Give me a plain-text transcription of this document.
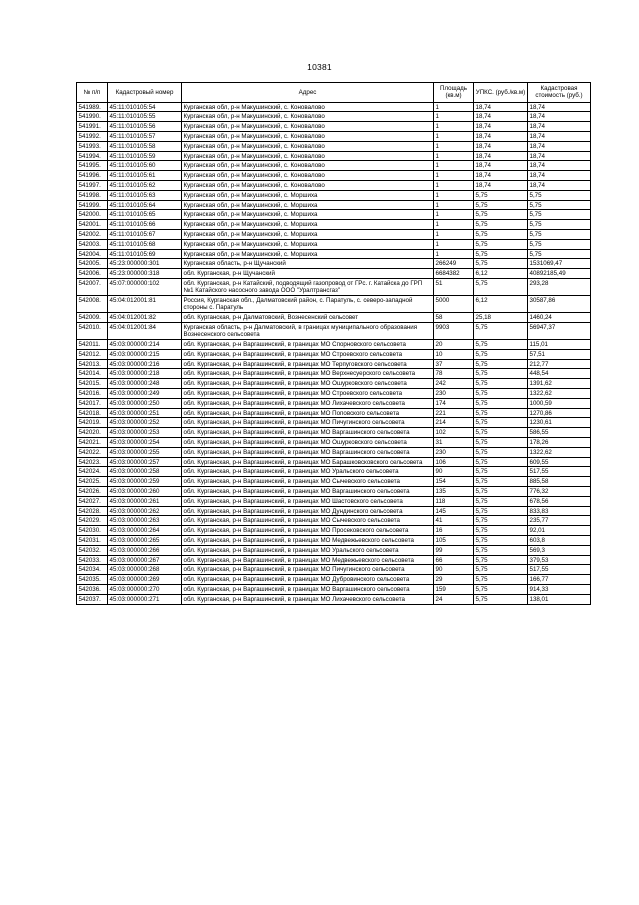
10381
№ п/п	Кадастровый номер	Адрес	Площадь (кв.м)	УПКС. (руб./кв.м)	Кадастровая стоимость (руб.)
541989.	45:11:010105:54	Курганская обл, р-н Макушинский, с. Коновалово	1	18,74	18,74
541990.	45:11:010105:55	Курганская обл, р-н Макушинский, с. Коновалово	1	18,74	18,74
541991.	45:11:010105:56	Курганская обл, р-н Макушинский, с. Коновалово	1	18,74	18,74
541992.	45:11:010105:57	Курганская обл, р-н Макушинский, с. Коновалово	1	18,74	18,74
541993.	45:11:010105:58	Курганская обл, р-н Макушинский, с. Коновалово	1	18,74	18,74
541994.	45:11:010105:59	Курганская обл, р-н Макушинский, с. Коновалово	1	18,74	18,74
541995.	45:11:010105:60	Курганская обл, р-н Макушинский, с. Коновалово	1	18,74	18,74
541996.	45:11:010105:61	Курганская обл, р-н Макушинский, с. Коновалово	1	18,74	18,74
541997.	45:11:010105:62	Курганская обл, р-н Макушинский, с. Коновалово	1	18,74	18,74
541998.	45:11:010105:63	Курганская обл, р-н Макушинский, с. Моршиха	1	5,75	5,75
541999.	45:11:010105:64	Курганская обл, р-н Макушинский, с. Моршиха	1	5,75	5,75
542000.	45:11:010105:65	Курганская обл, р-н Макушинский, с. Моршиха	1	5,75	5,75
542001.	45:11:010105:66	Курганская обл, р-н Макушинский, с. Моршиха	1	5,75	5,75
542002.	45:11:010105:67	Курганская обл, р-н Макушинский, с. Моршиха	1	5,75	5,75
542003.	45:11:010105:68	Курганская обл, р-н Макушинский, с. Моршиха	1	5,75	5,75
542004.	45:11:010105:69	Курганская обл, р-н Макушинский, с. Моршиха	1	5,75	5,75
542005.	45:23:000000:301	Курганская область, р-н Щучанский	266249	5,75	1531069,47
542006.	45:23:000000:318	обл. Курганская, р-н Щучанский	6684382	6,12	40892185,49
542007.	45:07:000000:102	обл. Курганская, р-н Катайский, подводящий газопровод от ГРс. г. Катайска до ГРП №1 Катайского насосного завода ООО "Уралтрансгаз"	51	5,75	293,28
542008.	45:04:012001:81	Россия, Курганская обл., Далматовский район, с. Паратуль, с. северо-западной стороны с. Паратуль	5000	6,12	30587,86
542009.	45:04:012001:82	обл. Курганская, р-н Далматовский, Вознесенский сельсовет	58	25,18	1460,24
542010.	45:04:012001:84	Курганская область, р-н Далматовский, в границах муниципального образования Вознесенского сельсовета	9903	5,75	56947,37
542011.	45:03:000000:214	обл. Курганская, р-н Варгашинский, в границах МО Спорновского сельсовета	20	5,75	115,01
542012.	45:03:000000:215	обл. Курганская, р-н Варгашинский, в границах МО Строевского сельсовета	10	5,75	57,51
542013.	45:03:000000:216	обл. Курганская, р-н Варгашинский, в границах МО Терпуговского сельсовета	37	5,75	212,77
542014.	45:03:000000:218	обл. Курганская, р-н Варгашинский, в границах МО Верхнесуерского сельсовета	78	5,75	448,54
542015.	45:03:000000:248	обл. Курганская, р-н Варгашинский, в границах МО Ошурковского сельсовета	242	5,75	1391,62
542016.	45:03:000000:249	обл. Курганская, р-н Варгашинский, в границах МО Строевского сельсовета	230	5,75	1322,62
542017.	45:03:000000:250	обл. Курганская, р-н Варгашинский, в границах МО Лихачевского сельсовета	174	5,75	1000,59
542018.	45:03:000000:251	обл. Курганская, р-н Варгашинский, в границах МО Поповского сельсовета	221	5,75	1270,86
542019.	45:03:000000:252	обл. Курганская, р-н Варгашинский, в границах МО Пичугинского сельсовета	214	5,75	1230,61
542020.	45:03:000000:253	обл. Курганская, р-н Варгашинский, в границах МО Варгашинского сельсовета	102	5,75	586,55
542021.	45:03:000000:254	обл. Курганская, р-н Варгашинский, в границах МО Ошурковского сельсовета	31	5,75	178,26
542022.	45:03:000000:255	обл. Курганская, р-н Варгашинский, в границах МО Варгашинского сельсовета	230	5,75	1322,62
542023.	45:03:000000:257	обл. Курганская, р-н Варгашинский, в границах МО Барашковсковского сельсовета	106	5,75	609,55
542024.	45:03:000000:258	обл. Курганская, р-н Варгашинский, в границах МО Уральского сельсовета	90	5,75	517,55
542025.	45:03:000000:259	обл. Курганская, р-н Варгашинский, в границах МО Сычевского сельсовета	154	5,75	885,58
542026.	45:03:000000:260	обл. Курганская, р-н Варгашинский, в границах МО Варгашинского сельсовета	135	5,75	776,32
542027.	45:03:000000:261	обл. Курганская, р-н Варгашинский, в границах МО Шастовского сельсовета	118	5,75	678,56
542028.	45:03:000000:262	обл. Курганская, р-н Варгашинский, в границах МО Дундинского сельсовета	145	5,75	833,83
542029.	45:03:000000:263	обл. Курганская, р-н Варгашинский, в границах МО Сычевского сельсовета	41	5,75	235,77
542030.	45:03:000000:264	обл. Курганская, р-н Варгашинский, в границах МО Просековского сельсовета	16	5,75	92,01
542031.	45:03:000000:265	обл. Курганская, р-н Варгашинский, в границах МО Медвежьевского сельсовета	105	5,75	603,8
542032.	45:03:000000:266	обл. Курганская, р-н Варгашинский, в границах МО Уральского сельсовета	99	5,75	569,3
542033.	45:03:000000:267	обл. Курганская, р-н Варгашинский, в границах МО Медвежьевского сельсовета	66	5,75	379,53
542034.	45:03:000000:268	обл. Курганская, р-н Варгашинский, в границах МО Пичугинского сельсовета	90	5,75	517,55
542035.	45:03:000000:269	обл. Курганская, р-н Варгашинский, в границах МО Дубровинского сельсовета	29	5,75	166,77
542036.	45:03:000000:270	обл. Курганская, р-н Варгашинский, в границах МО Варгашинского сельсовета	159	5,75	914,33
542037.	45:03:000000:271	обл. Курганская, р-н Варгашинский, в границах МО Лихачевского сельсовета	24	5,75	138,01
